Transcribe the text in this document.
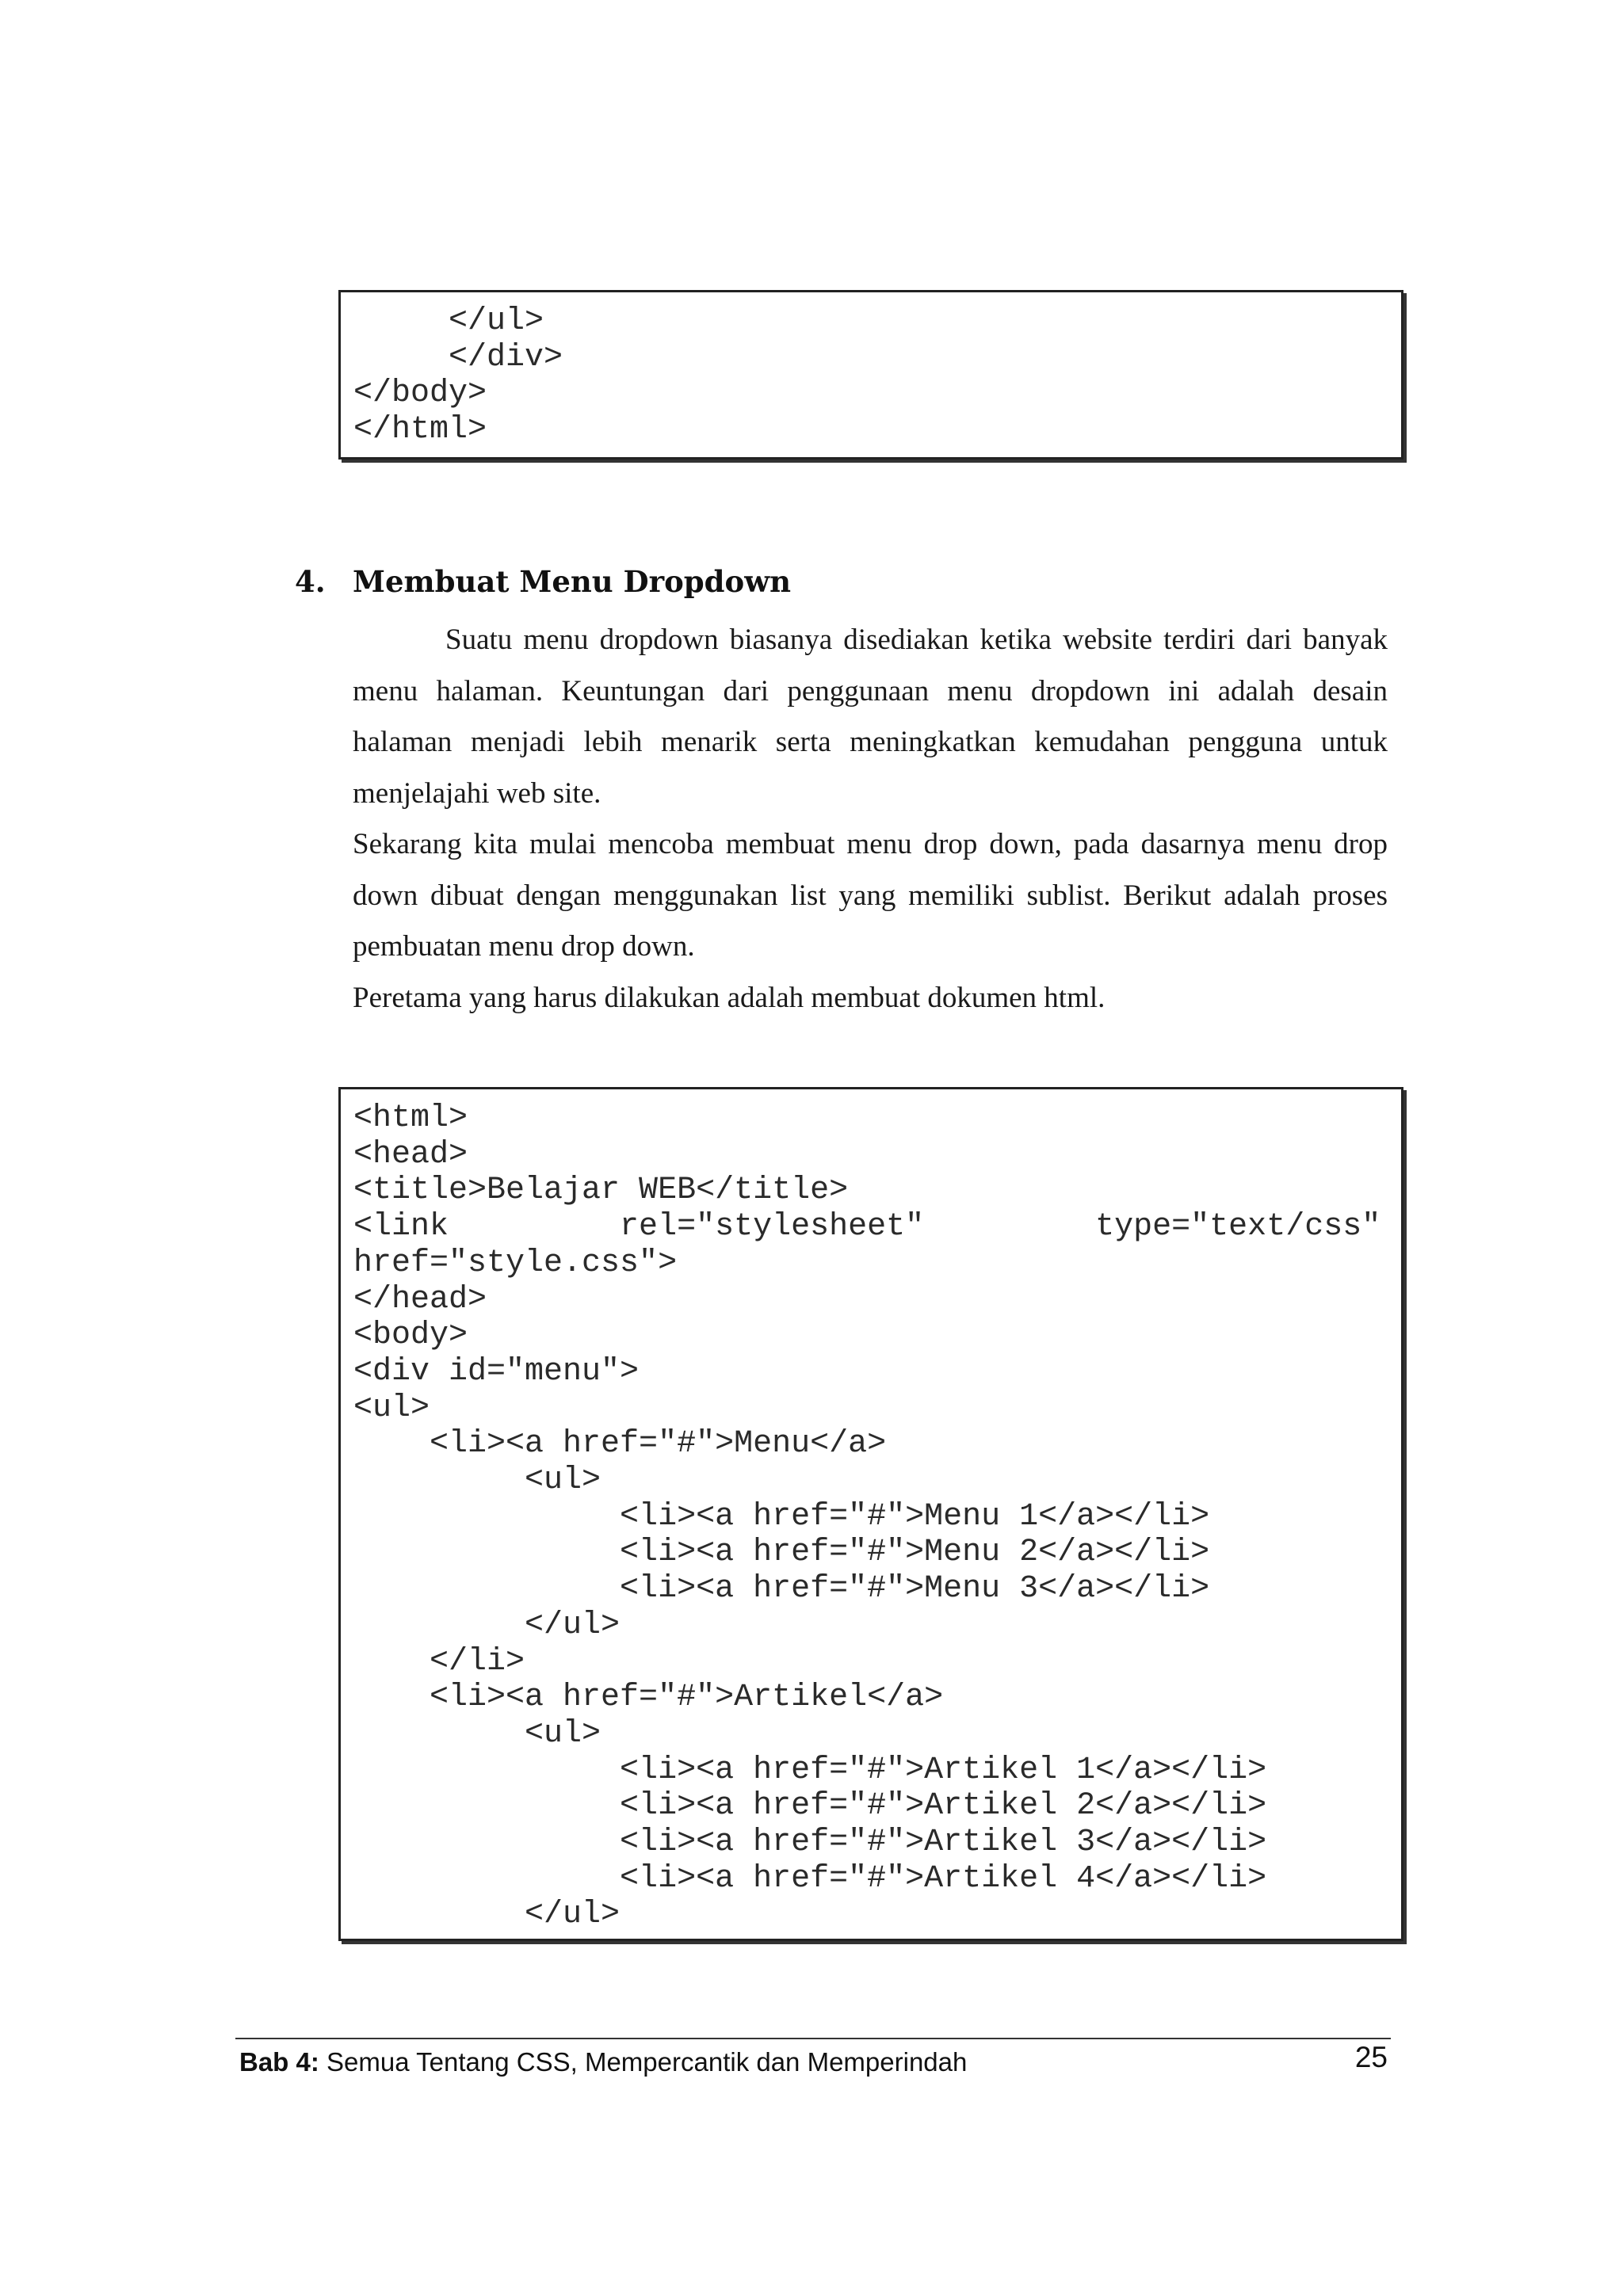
</ul>
</div>
</body>
</html>
4. Membuat Menu Dropdown

Suatu menu dropdown biasanya disediakan ketika website terdiri dari banyak menu halaman. Keuntungan dari penggunaan menu dropdown ini adalah desain halaman menjadi lebih menarik serta meningkatkan kemudahan pengguna untuk menjelajahi web site.

Sekarang kita mulai mencoba membuat menu drop down, pada dasarnya menu drop down dibuat dengan menggunakan list yang memiliki sublist. Berikut adalah proses pembuatan menu drop down.

Peretama yang harus dilakukan adalah membuat dokumen html.

<html>
<head>
<title>Belajar WEB</title>
<link         rel="stylesheet"         type="text/css"
href="style.css">
</head>
<body>
<div id="menu">
<ul>
<li><a href="#">Menu</a>
<ul>
<li><a href="#">Menu 1</a></li>
<li><a href="#">Menu 2</a></li>
<li><a href="#">Menu 3</a></li>
</ul>
</li>
<li><a href="#">Artikel</a>
<ul>
<li><a href="#">Artikel 1</a></li>
<li><a href="#">Artikel 2</a></li>
<li><a href="#">Artikel 3</a></li>
<li><a href="#">Artikel 4</a></li>
</ul>
Bab 4: Semua Tentang CSS, Mempercantik dan Memperindah	25
